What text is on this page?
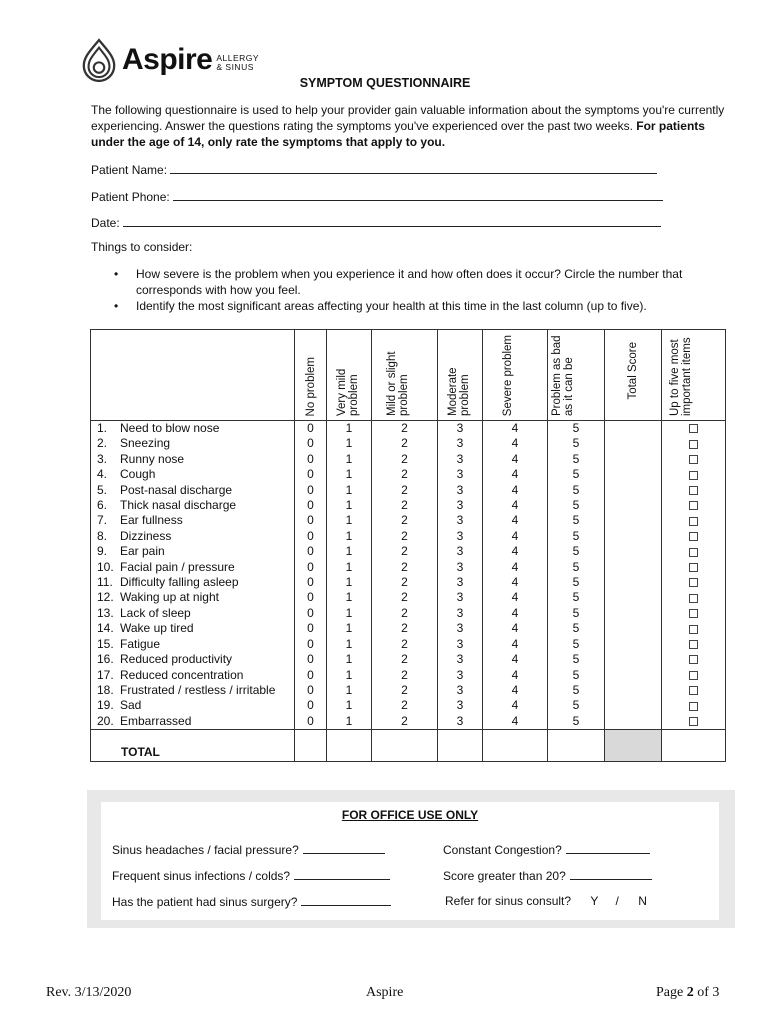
Aspire ALLERGY
& SINUS
SYMPTOM QUESTIONNAIRE
The following questionnaire is used to help your provider gain valuable information about the symptoms you're currently experiencing. Answer the questions rating the symptoms you've experienced over the past two weeks. For patients under the age of 14, only rate the symptoms that apply to you.
Patient Name:
Patient Phone:
Date:
Things to consider:
• How severe is the problem when you experience it and how often does it occur? Circle the number that corresponds with how you feel.
• Identify the most significant areas affecting your health at this time in the last column (up to five).

	No problem	Very mild problem	Mild or slight problem	Moderate problem	Severe problem	Problem as bad as it can be	Total Score	Up to five most important items

1. Need to blow nose	0	1	2	3	4	5		
2. Sneezing	0	1	2	3	4	5		
3. Runny nose	0	1	2	3	4	5		
4. Cough	0	1	2	3	4	5		
5. Post-nasal discharge	0	1	2	3	4	5		
6. Thick nasal discharge	0	1	2	3	4	5		
7. Ear fullness	0	1	2	3	4	5		
8. Dizziness	0	1	2	3	4	5		
9. Ear pain	0	1	2	3	4	5		
10. Facial pain / pressure	0	1	2	3	4	5		
11. Difficulty falling asleep	0	1	2	3	4	5		
12. Waking up at night	0	1	2	3	4	5		
13. Lack of sleep	0	1	2	3	4	5		
14. Wake up tired	0	1	2	3	4	5		
15. Fatigue	0	1	2	3	4	5		
16. Reduced productivity	0	1	2	3	4	5		
17. Reduced concentration	0	1	2	3	4	5		
18. Frustrated / restless / irritable	0	1	2	3	4	5		
19. Sad	0	1	2	3	4	5		
20. Embarrassed	0	1	2	3	4	5		
TOTAL								
FOR OFFICE USE ONLY
Sinus headaches / facial pressure?	Constant Congestion?
Frequent sinus infections / colds?	Score greater than 20?
Has the patient had sinus surgery?	Refer for sinus consult? Y / N
Rev. 3/13/2020	Aspire	Page 2 of 3
